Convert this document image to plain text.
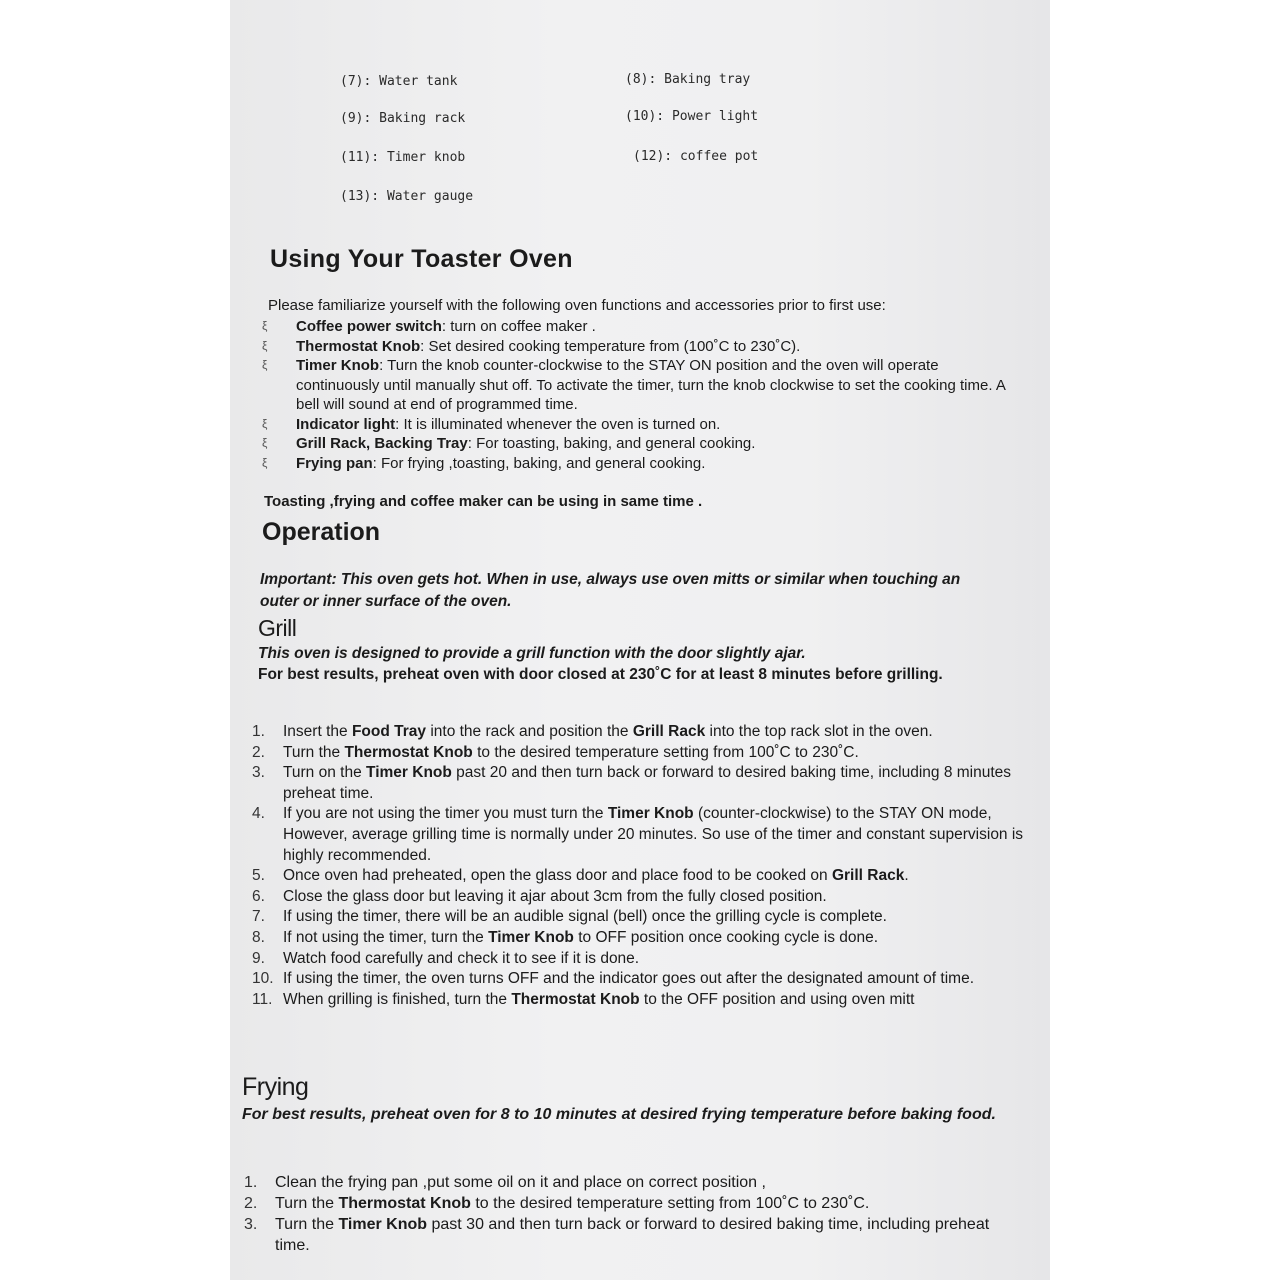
(7): Water tank	(8): Baking tray
(9): Baking rack	(10): Power light
(11): Timer knob	(12): coffee pot
(13): Water gauge
Using Your Toaster Oven
Please familiarize yourself with the following oven functions and accessories prior to first use:

ξ Coffee power switch: turn on coffee maker .

ξ Thermostat Knob: Set desired cooking temperature from (100˚C to 230˚C).

ξ Timer Knob: Turn the knob counter-clockwise to the STAY ON position and the oven will operate continuously until manually shut off. To activate the timer, turn the knob clockwise to set the cooking time. A bell will sound at end of programmed time.

ξ Indicator light: It is illuminated whenever the oven is turned on.

ξ Grill Rack, Backing Tray: For toasting, baking, and general cooking.

ξ Frying pan: For frying ,toasting, baking, and general cooking.

Toasting ,frying and coffee maker can be using in same time .
Operation
Important: This oven gets hot. When in use, always use oven mitts or similar when touching an outer or inner surface of the oven.
Grill
This oven is designed to provide a grill function with the door slightly ajar.
For best results, preheat oven with door closed at 230˚C for at least 8 minutes before grilling.

1. Insert the Food Tray into the rack and position the Grill Rack into the top rack slot in the oven.

2. Turn the Thermostat Knob to the desired temperature setting from 100˚C to 230˚C.

3. Turn on the Timer Knob past 20 and then turn back or forward to desired baking time, including 8 minutes preheat time.

4. If you are not using the timer you must turn the Timer Knob (counter-clockwise) to the STAY ON mode, However, average grilling time is normally under 20 minutes. So use of the timer and constant supervision is highly recommended.

5. Once oven had preheated, open the glass door and place food to be cooked on Grill Rack.

6. Close the glass door but leaving it ajar about 3cm from the fully closed position.

7. If using the timer, there will be an audible signal (bell) once the grilling cycle is complete.

8. If not using the timer, turn the Timer Knob to OFF position once cooking cycle is done.

9. Watch food carefully and check it to see if it is done.

10. If using the timer, the oven turns OFF and the indicator goes out after the designated amount of time.

11. When grilling is finished, turn the Thermostat Knob to the OFF position and using oven mitt

Frying
For best results, preheat oven for 8 to 10 minutes at desired frying temperature before baking food.

1. Clean the frying pan ,put some oil on it and place on correct position ,

2. Turn the Thermostat Knob to the desired temperature setting from 100˚C to 230˚C.

3. Turn the Timer Knob past 30 and then turn back or forward to desired baking time, including preheat time.
